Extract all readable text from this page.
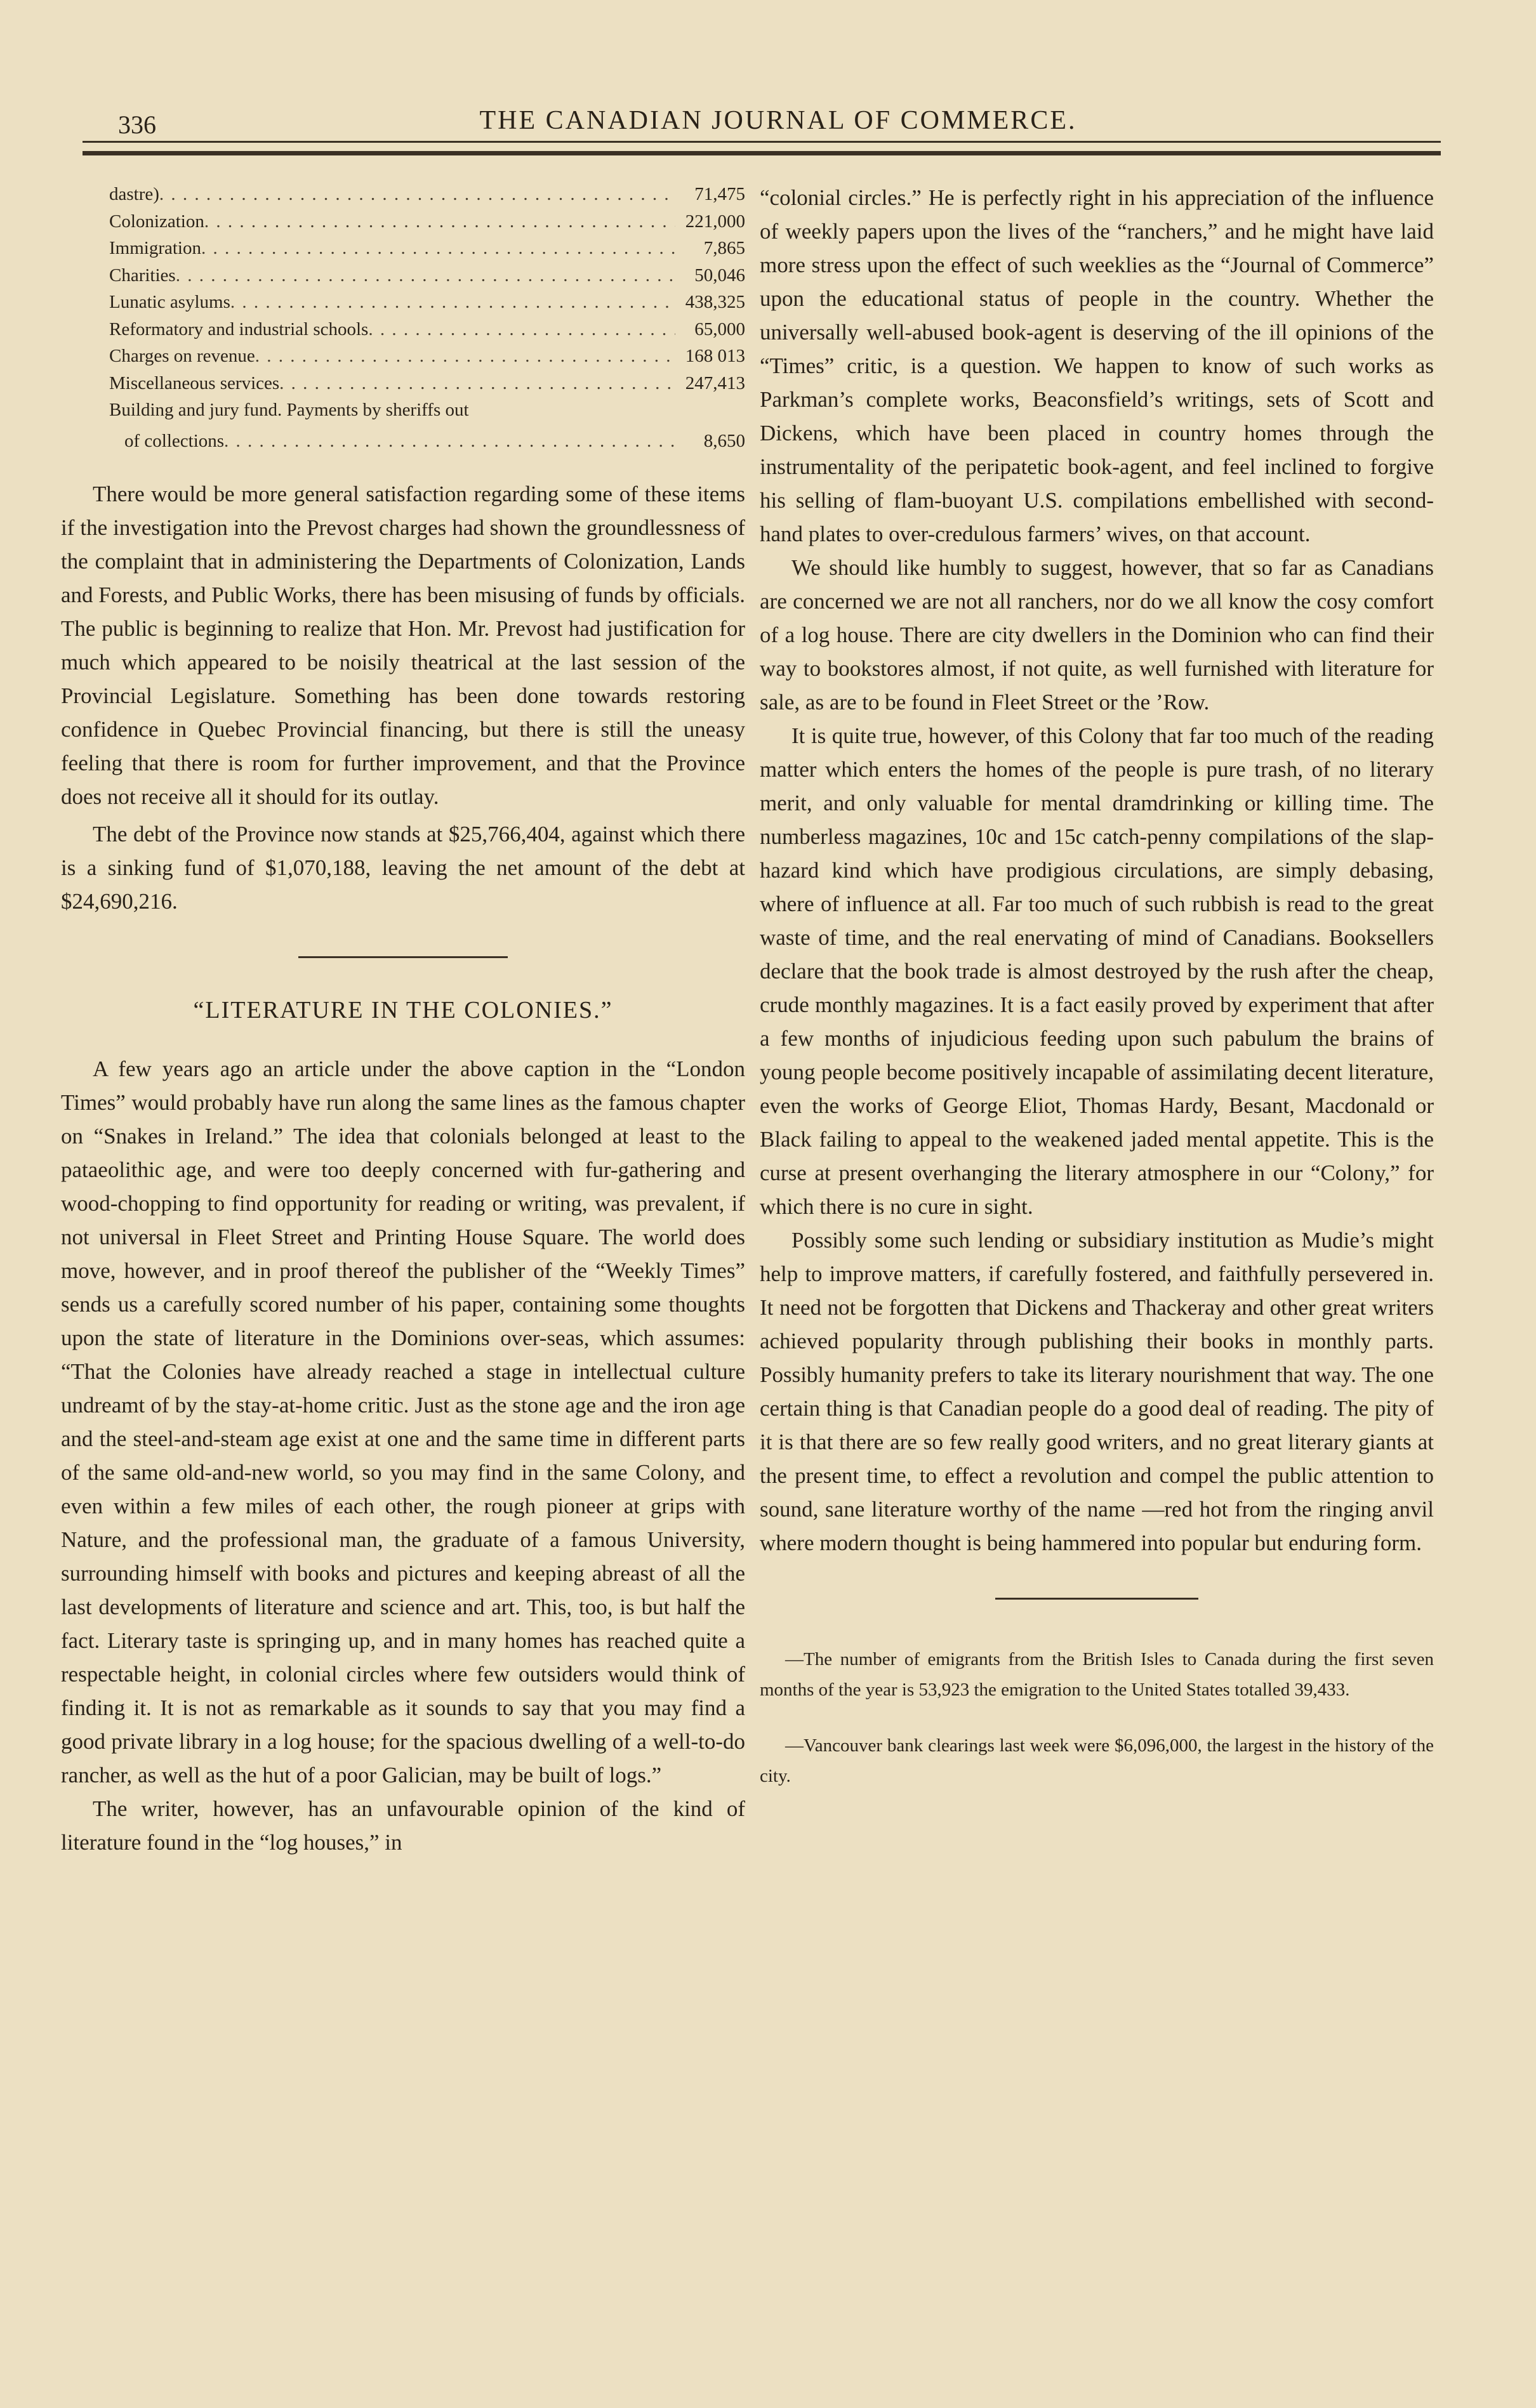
336	THE CANADIAN JOURNAL OF COMMERCE.
dastre) . . .	71,475
Colonization . . .	221,000
Immigration . . .	7,865
Charities . . .	50,046
Lunatic asylums . . .	438,325
Reformatory and industrial schools . . .	65,000
Charges on revenue . . .	168 013
Miscellaneous services . . .	247,413
Building and jury fund. Payments by sheriffs out
of collections . . .	8,650

There would be more general satisfaction regarding some of these items if the investigation into the Prevost charges had shown the groundlessness of the complaint that in administering the Departments of Colonization, Lands and Forests, and Public Works, there has been misusing of funds by officials. The public is beginning to realize that Hon. Mr. Prevost had justification for much which appeared to be noisily theatrical at the last session of the Provincial Legislature. Something has been done towards restoring confidence in Quebec Provincial financing, but there is still the uneasy feeling that there is room for further improvement, and that the Province does not receive all it should for its outlay.

The debt of the Province now stands at $25,766,404, against which there is a sinking fund of $1,070,188, leaving the net amount of the debt at $24,690,216.

“LITERATURE IN THE COLONIES.”

A few years ago an article under the above caption in the “London Times” would probably have run along the same lines as the famous chapter on “Snakes in Ireland.” The idea that colonials belonged at least to the pataeolithic age, and were too deeply concerned with fur-gathering and wood-chopping to find opportunity for reading or writing, was prevalent, if not universal in Fleet Street and Printing House Square. The world does move, however, and in proof thereof the publisher of the “Weekly Times” sends us a carefully scored number of his paper, containing some thoughts upon the state of literature in the Dominions over-seas, which assumes: “That the Colonies have already reached a stage in intellectual culture undreamt of by the stay-at-home critic. Just as the stone age and the iron age and the steel-and-steam age exist at one and the same time in different parts of the same old-and-new world, so you may find in the same Colony, and even within a few miles of each other, the rough pioneer at grips with Nature, and the professional man, the graduate of a famous University, surrounding himself with books and pictures and keeping abreast of all the last developments of literature and science and art. This, too, is but half the fact. Literary taste is springing up, and in many homes has reached quite a respectable height, in colonial circles where few outsiders would think of finding it. It is not as remarkable as it sounds to say that you may find a good private library in a log house; for the spacious dwelling of a well-to-do rancher, as well as the hut of a poor Galician, may be built of logs.”

The writer, however, has an unfavourable opinion of the kind of literature found in the “log houses,” in

“colonial circles.” He is perfectly right in his appreciation of the influence of weekly papers upon the lives of the “ranchers,” and he might have laid more stress upon the effect of such weeklies as the “Journal of Commerce” upon the educational status of people in the country. Whether the universally well-abused book-agent is deserving of the ill opinions of the “Times” critic, is a question. We happen to know of such works as Parkman’s complete works, Beaconsfield’s writings, sets of Scott and Dickens, which have been placed in country homes through the instrumentality of the peripatetic book-agent, and feel inclined to forgive his selling of flam-buoyant U.S. compilations embellished with second-hand plates to over-credulous farmers’ wives, on that account.

We should like humbly to suggest, however, that so far as Canadians are concerned we are not all ranchers, nor do we all know the cosy comfort of a log house. There are city dwellers in the Dominion who can find their way to bookstores almost, if not quite, as well furnished with literature for sale, as are to be found in Fleet Street or the ’Row.

It is quite true, however, of this Colony that far too much of the reading matter which enters the homes of the people is pure trash, of no literary merit, and only valuable for mental dramdrinking or killing time. The numberless magazines, 10c and 15c catch-penny compilations of the slap-hazard kind which have prodigious circulations, are simply debasing, where of influence at all. Far too much of such rubbish is read to the great waste of time, and the real enervating of mind of Canadians. Booksellers declare that the book trade is almost destroyed by the rush after the cheap, crude monthly magazines. It is a fact easily proved by experiment that after a few months of injudicious feeding upon such pabulum the brains of young people become positively incapable of assimilating decent literature, even the works of George Eliot, Thomas Hardy, Besant, Macdonald or Black failing to appeal to the weakened jaded mental appetite. This is the curse at present overhanging the literary atmosphere in our “Colony,” for which there is no cure in sight.

Possibly some such lending or subsidiary institution as Mudie’s might help to improve matters, if carefully fostered, and faithfully persevered in. It need not be forgotten that Dickens and Thackeray and other great writers achieved popularity through publishing their books in monthly parts. Possibly humanity prefers to take its literary nourishment that way. The one certain thing is that Canadian people do a good deal of reading. The pity of it is that there are so few really good writers, and no great literary giants at the present time, to effect a revolution and compel the public attention to sound, sane literature worthy of the name —red hot from the ringing anvil where modern thought is being hammered into popular but enduring form.

—The number of emigrants from the British Isles to Canada during the first seven months of the year is 53,923 the emigration to the United States totalled 39,433.

—Vancouver bank clearings last week were $6,096,000, the largest in the history of the city.
